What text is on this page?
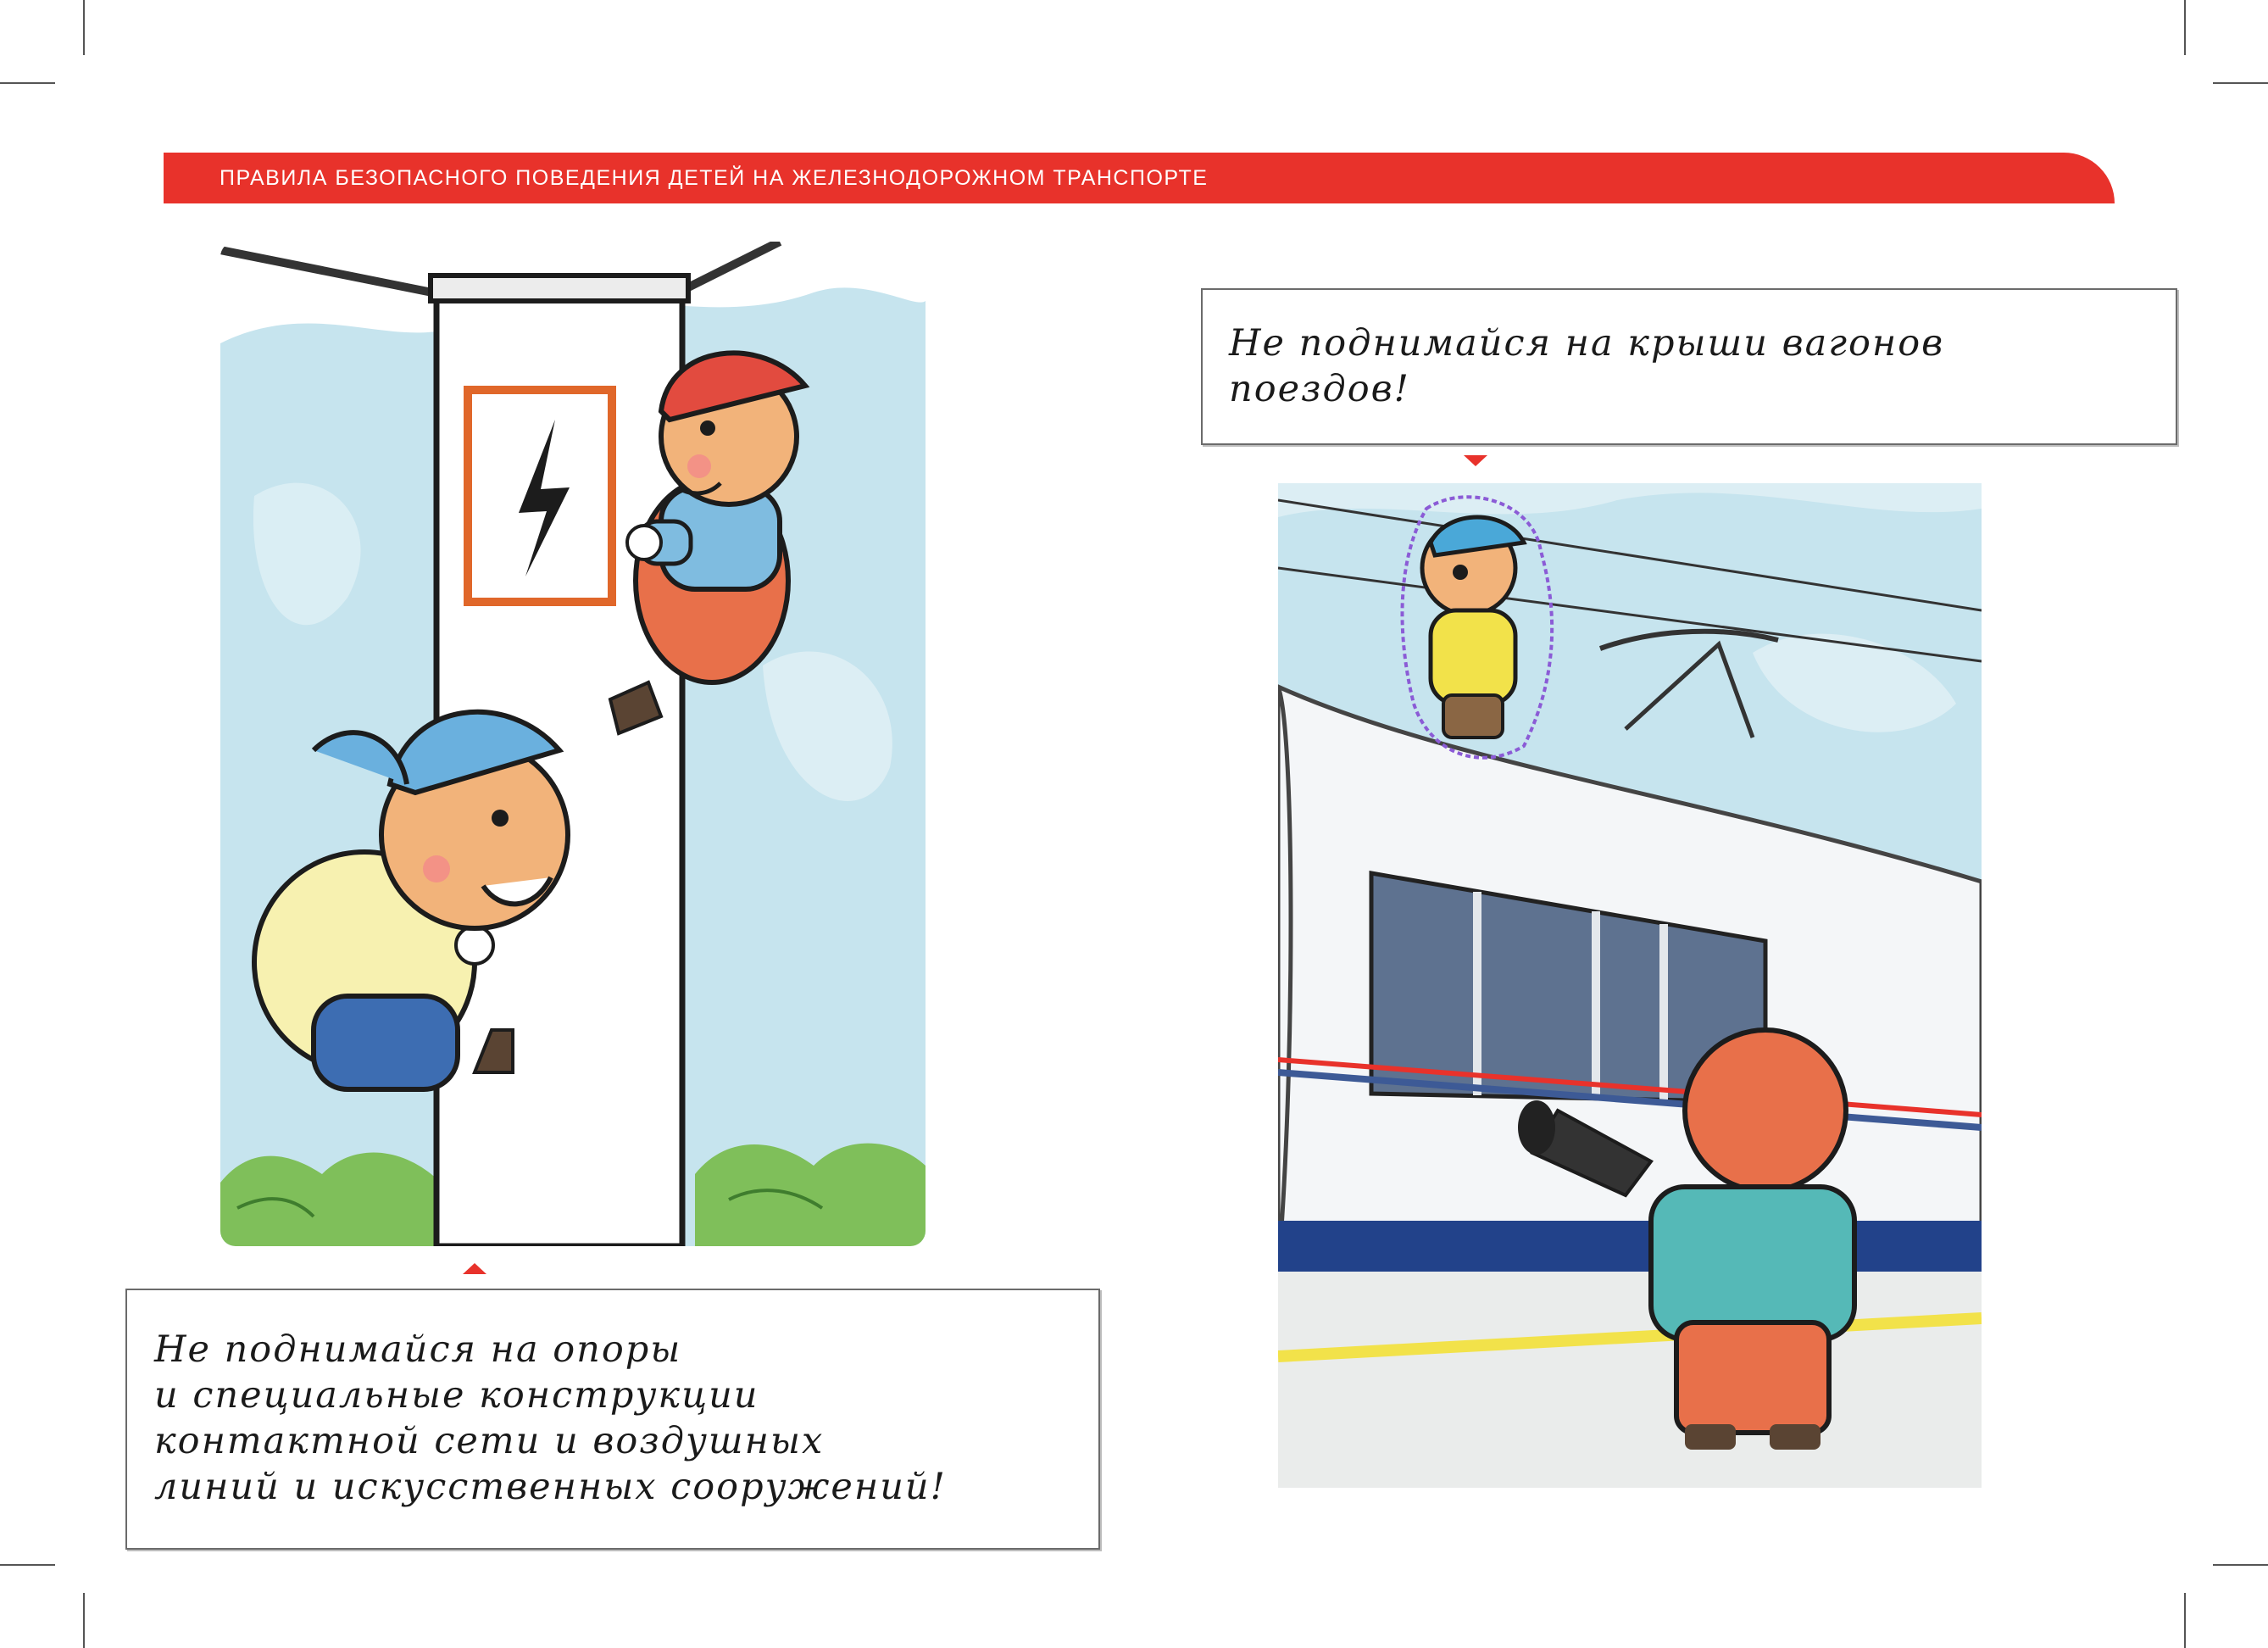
ПРАВИЛА БЕЗОПАСНОГО ПОВЕДЕНИЯ ДЕТЕЙ НА ЖЕЛЕЗНОДОРОЖНОМ ТРАНСПОРТЕ
Не поднимайся на опоры
и специальные конструкции
контактной сети и воздушных
линий и искусственных сооружений!
Не поднимайся на крыши вагонов
поездов!
